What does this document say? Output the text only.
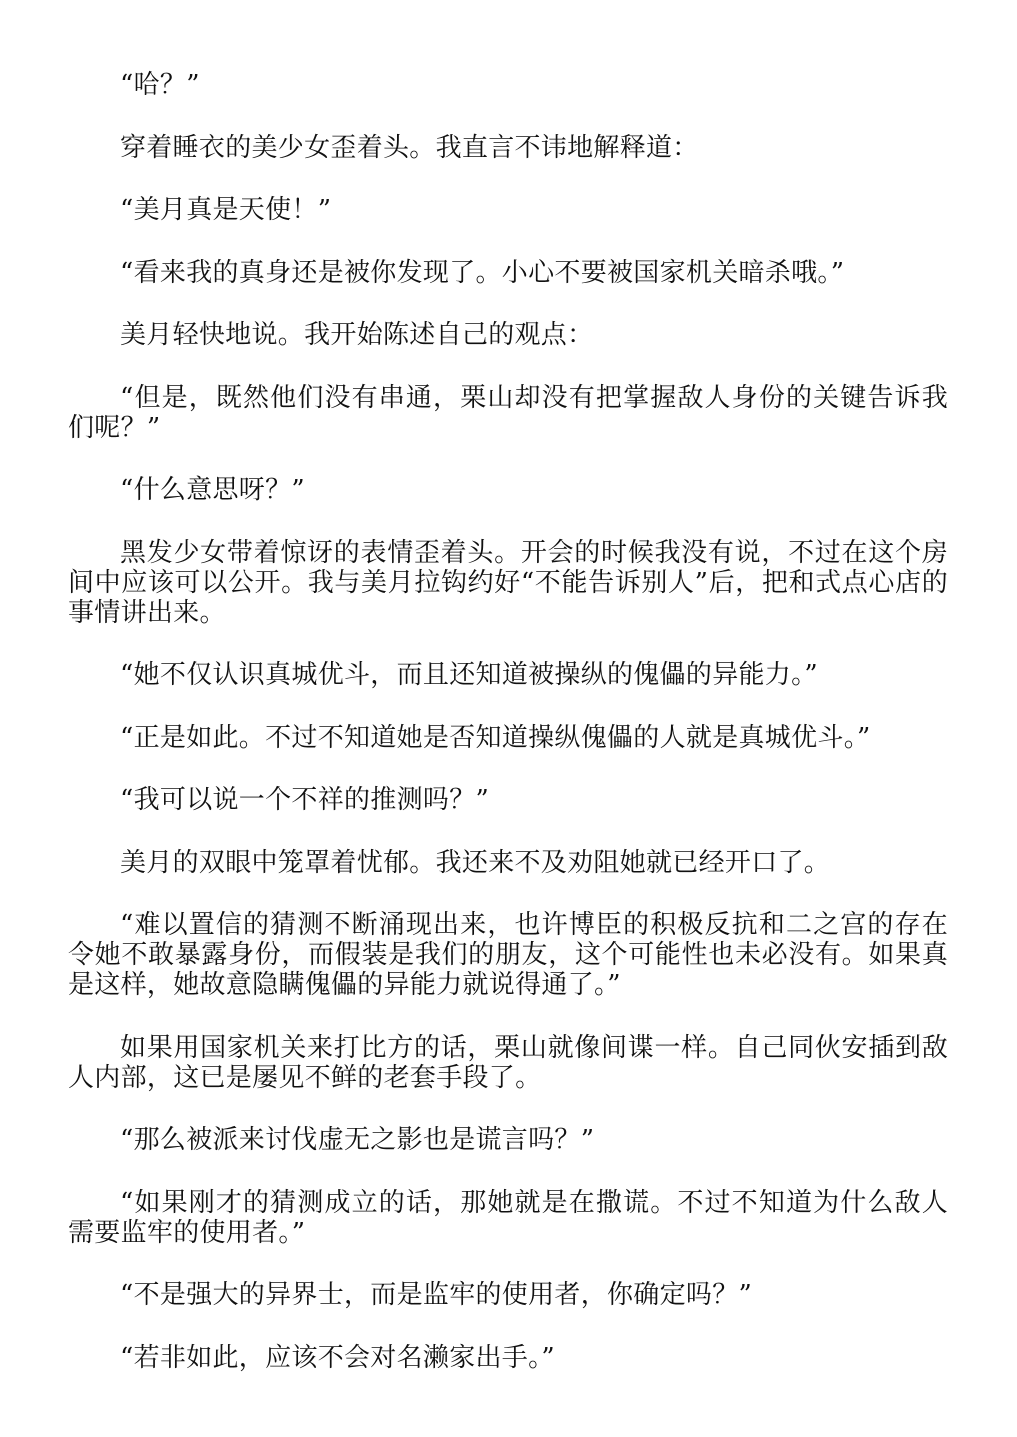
“哈？”

穿着睡衣的美少女歪着头。我直言不讳地解释道：

“美月真是天使！”

“看来我的真身还是被你发现了。小心不要被国家机关暗杀哦。”

美月轻快地说。我开始陈述自己的观点：

“但是，既然他们没有串通，栗山却没有把掌握敌人身份的关键告诉我们呢？”

“什么意思呀？”

黑发少女带着惊讶的表情歪着头。开会的时候我没有说，不过在这个房间中应该可以公开。我与美月拉钩约好“不能告诉别人”后，把和式点心店的事情讲出来。

“她不仅认识真城优斗，而且还知道被操纵的傀儡的异能力。”

“正是如此。不过不知道她是否知道操纵傀儡的人就是真城优斗。”

“我可以说一个不祥的推测吗？”

美月的双眼中笼罩着忧郁。我还来不及劝阻她就已经开口了。

“难以置信的猜测不断涌现出来，也许博臣的积极反抗和二之宫的存在令她不敢暴露身份，而假装是我们的朋友，这个可能性也未必没有。如果真是这样，她故意隐瞒傀儡的异能力就说得通了。”

如果用国家机关来打比方的话，栗山就像间谍一样。自己同伙安插到敌人内部，这已是屡见不鲜的老套手段了。

“那么被派来讨伐虚无之影也是谎言吗？”

“如果刚才的猜测成立的话，那她就是在撒谎。不过不知道为什么敌人需要监牢的使用者。”

“不是强大的异界士，而是监牢的使用者，你确定吗？”

“若非如此，应该不会对名濑家出手。”
